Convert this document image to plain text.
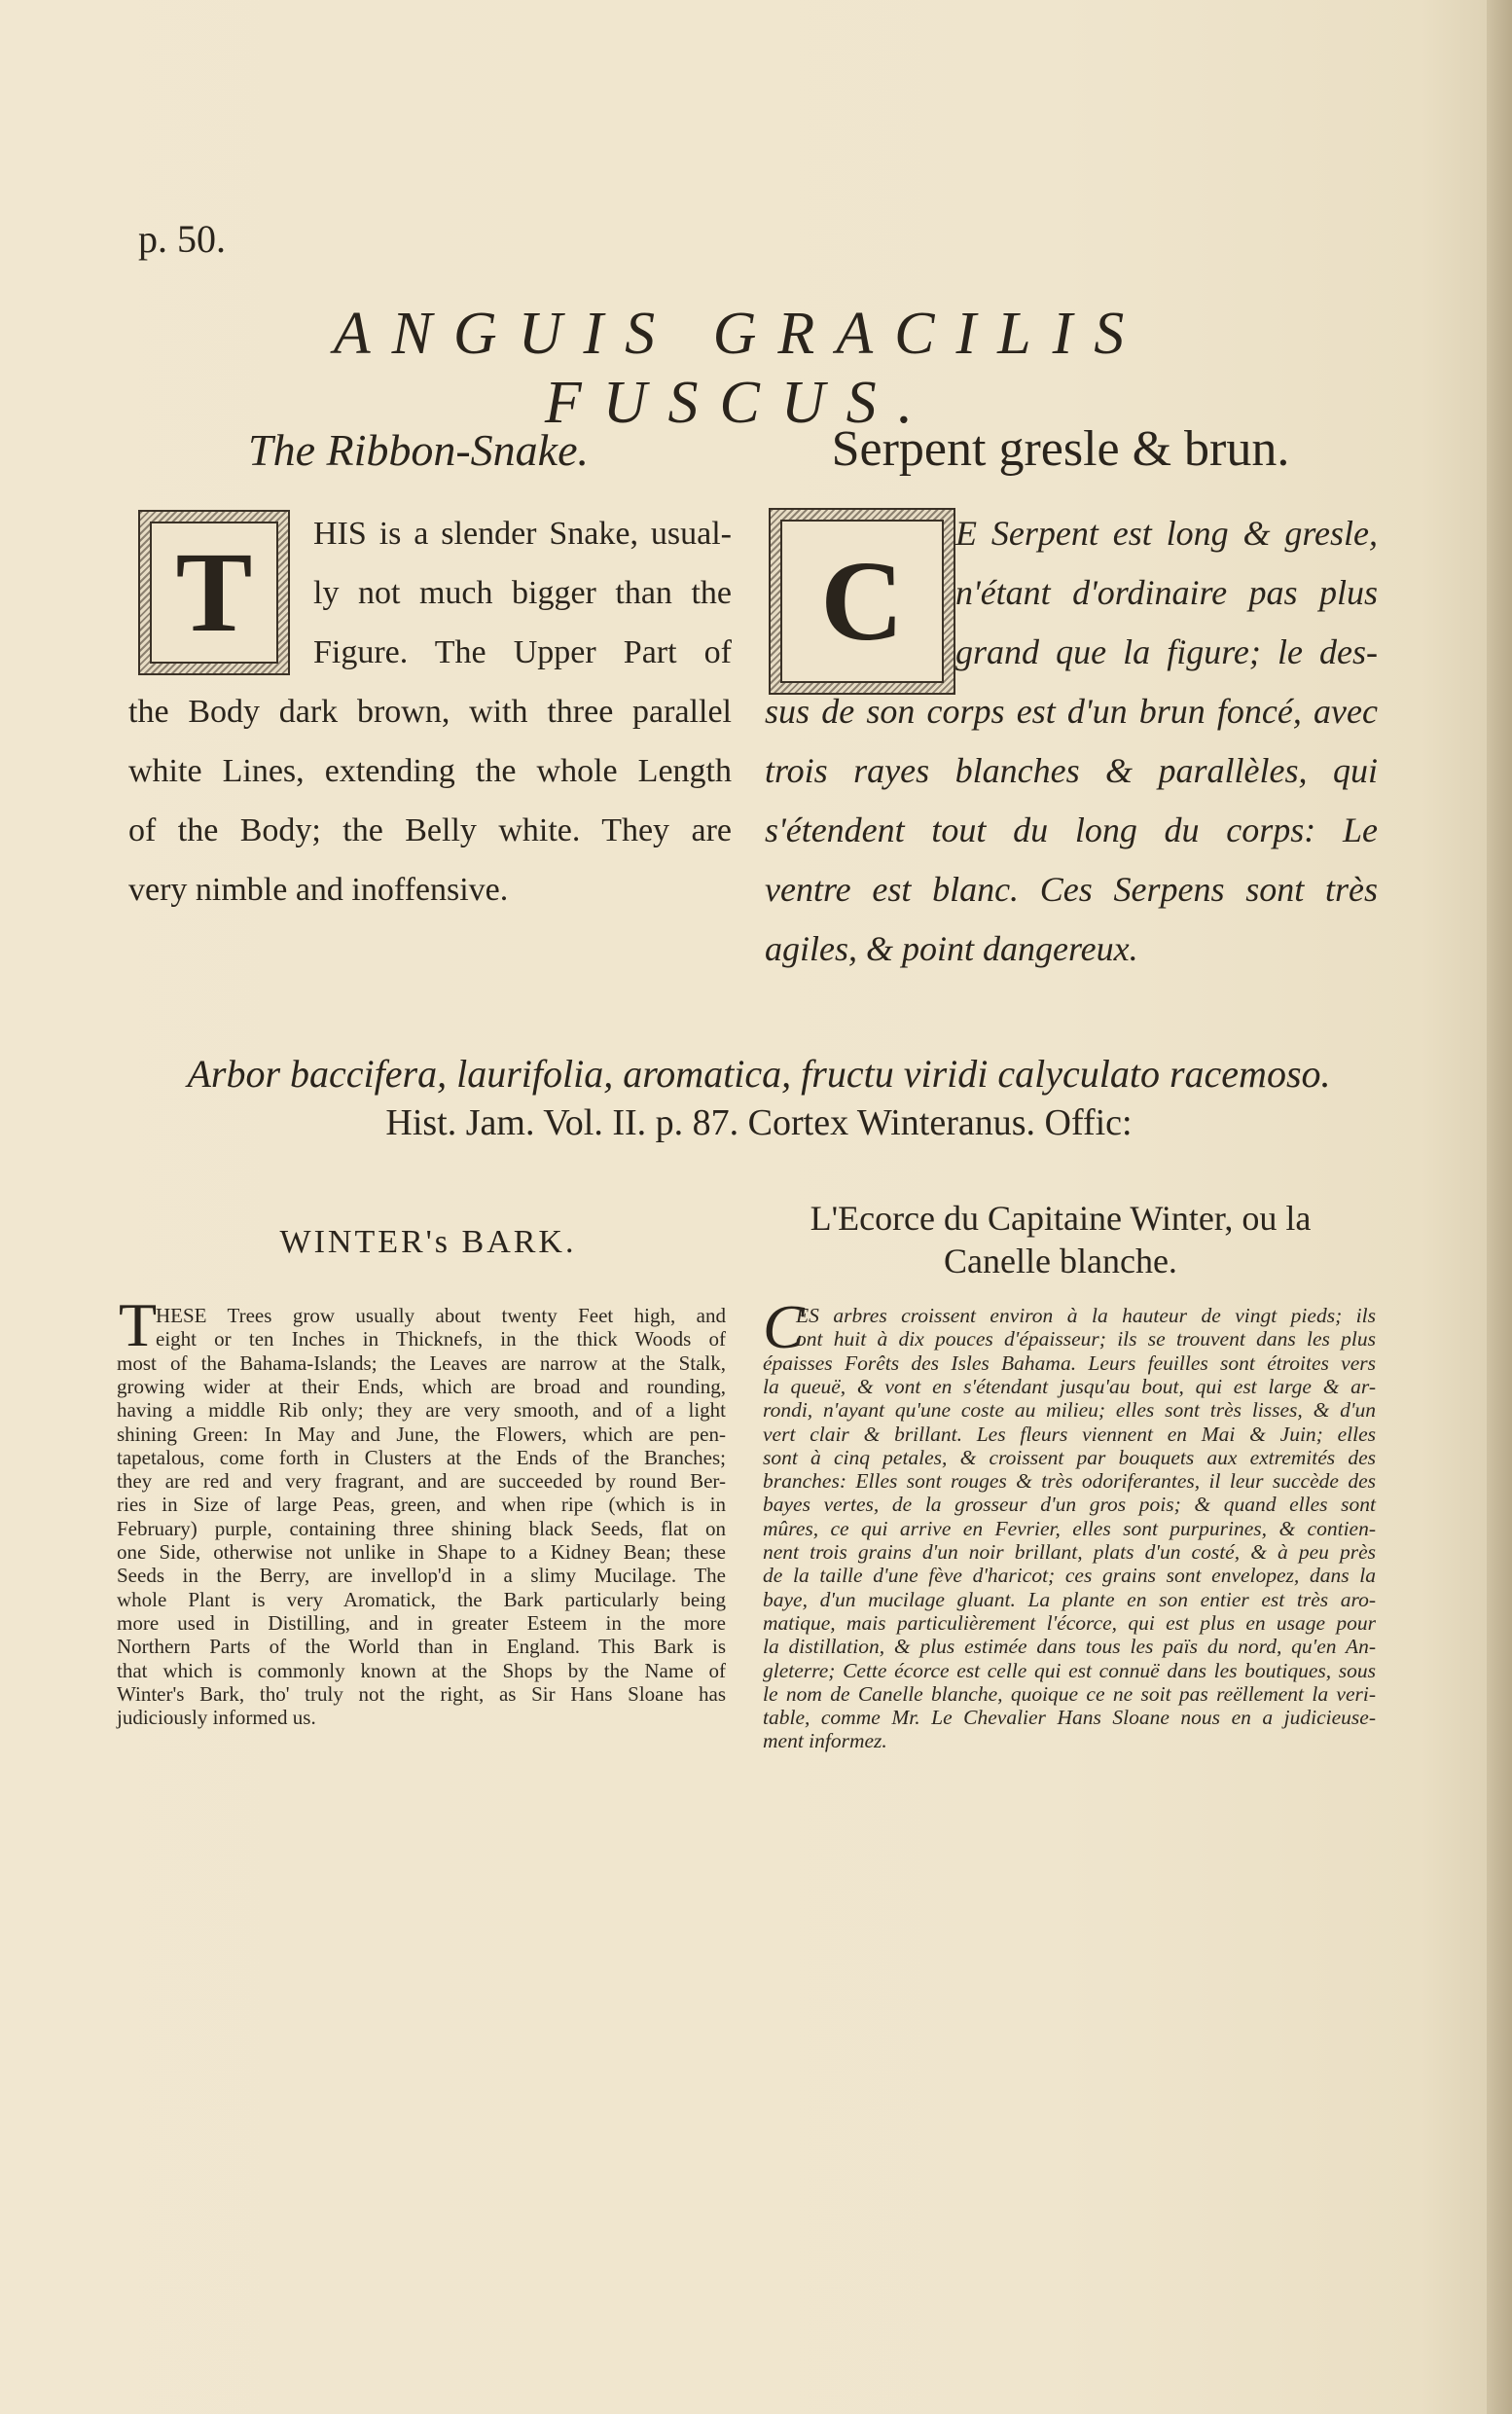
p. 50.
ANGUIS GRACILIS FUSCUS.
The Ribbon-Snake.
T HIS is a slender Snake, usual-
ly not much bigger than the
Figure. The Upper Part of
the Body dark brown, with three parallel
white Lines, extending the whole Length
of the Body; the Belly white. They are
very nimble and inoffensive.
Serpent gresle & brun.
C
E Serpent est long & gresle,
n'étant d'ordinaire pas plus
grand que la figure; le des-
sus de son corps est d'un brun foncé, avec
trois rayes blanches & parallèles, qui
s'étendent tout du long du corps: Le
ventre est blanc. Ces Serpens sont très
agiles, & point dangereux.
Arbor baccifera, laurifolia, aromatica, fructu viridi calyculato racemoso.
Hist. Jam. Vol. II. p. 87. Cortex Winteranus. Offic:
WINTER's BARK.
T
HESE Trees grow usually about twenty Feet high, and
eight or ten Inches in Thicknefs, in the thick Woods of
most of the Bahama-Islands; the Leaves are narrow at the Stalk,
growing wider at their Ends, which are broad and rounding,
having a middle Rib only; they are very smooth, and of a light
shining Green: In May and June, the Flowers, which are pen-
tapetalous, come forth in Clusters at the Ends of the Branches;
they are red and very fragrant, and are succeeded by round Ber-
ries in Size of large Peas, green, and when ripe (which is in
February) purple, containing three shining black Seeds, flat on
one Side, otherwise not unlike in Shape to a Kidney Bean; these
Seeds in the Berry, are invellop'd in a slimy Mucilage. The
whole Plant is very Aromatick, the Bark particularly being
more used in Distilling, and in greater Esteem in the more
Northern Parts of the World than in England. This Bark is
that which is commonly known at the Shops by the Name of
Winter's Bark, tho' truly not the right, as Sir Hans Sloane has
judiciously informed us.
L'Ecorce du Capitaine Winter, ou la
Canelle blanche.
C
ES arbres croissent environ à la hauteur de vingt pieds; ils
ont huit à dix pouces d'épaisseur; ils se trouvent dans les plus
épaisses Forêts des Isles Bahama. Leurs feuilles sont étroites vers
la queuë, & vont en s'étendant jusqu'au bout, qui est large & ar-
rondi, n'ayant qu'une coste au milieu; elles sont très lisses, & d'un
vert clair & brillant. Les fleurs viennent en Mai & Juin; elles
sont à cinq petales, & croissent par bouquets aux extremités des
branches: Elles sont rouges & très odoriferantes, il leur succède des
bayes vertes, de la grosseur d'un gros pois; & quand elles sont
mûres, ce qui arrive en Fevrier, elles sont purpurines, & contien-
nent trois grains d'un noir brillant, plats d'un costé, & à peu près
de la taille d'une fève d'haricot; ces grains sont envelopez, dans la
baye, d'un mucilage gluant. La plante en son entier est très aro-
matique, mais particulièrement l'écorce, qui est plus en usage pour
la distillation, & plus estimée dans tous les païs du nord, qu'en An-
gleterre; Cette écorce est celle qui est connuë dans les boutiques, sous
le nom de Canelle blanche, quoique ce ne soit pas reëllement la veri-
table, comme Mr. Le Chevalier Hans Sloane nous en a judicieuse-
ment informez.
